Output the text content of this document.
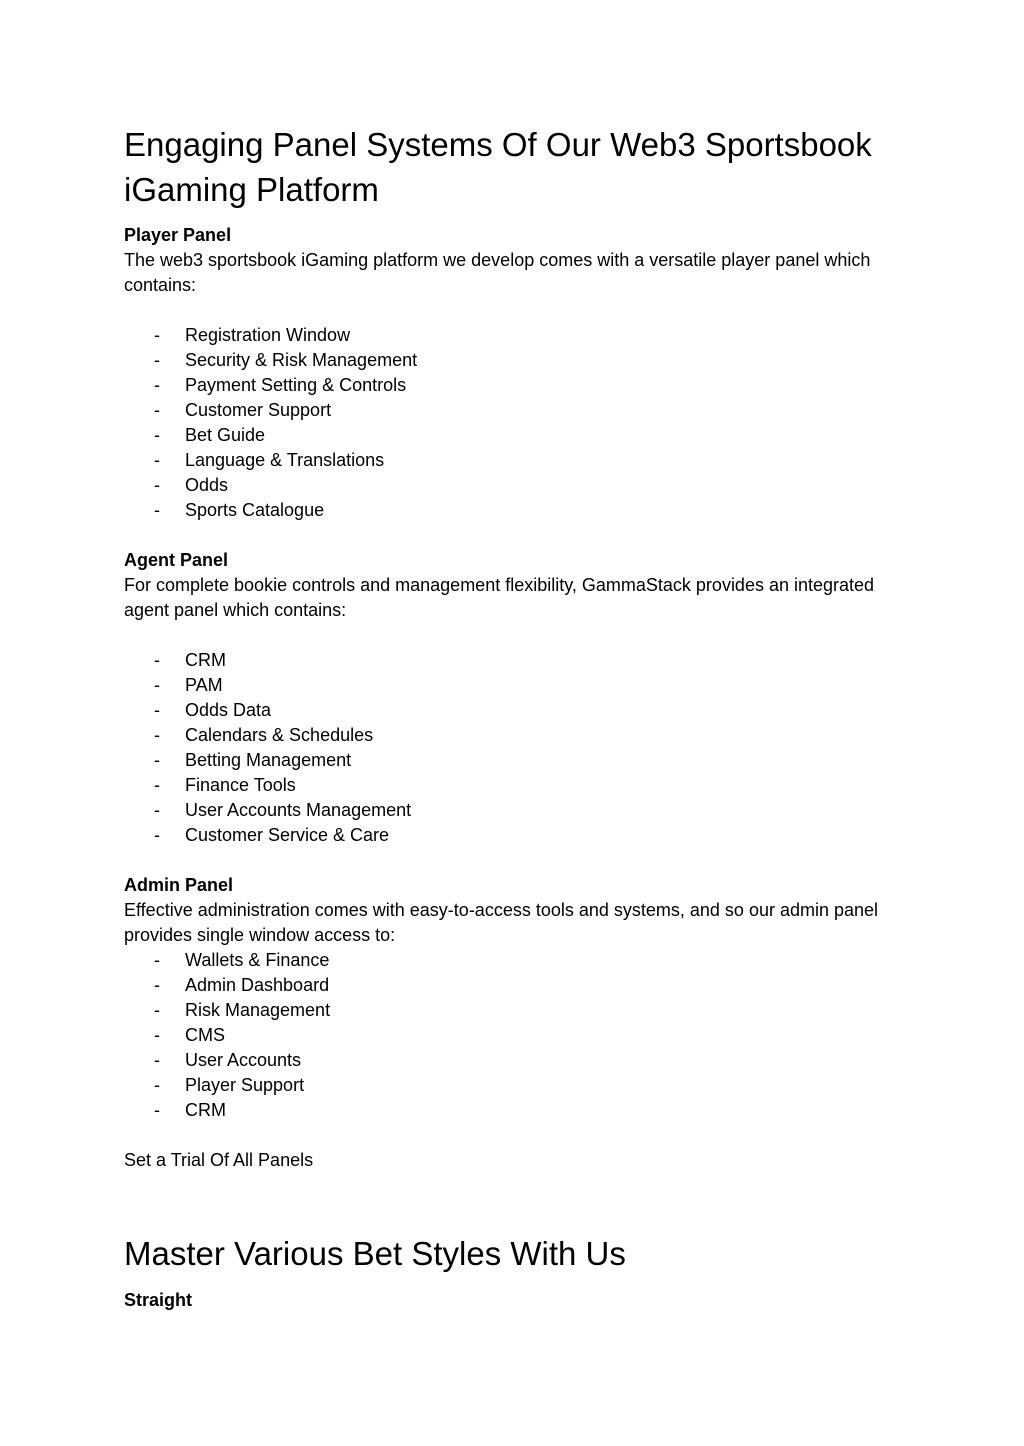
Engaging Panel Systems Of Our Web3 Sportsbook iGaming Platform

Player Panel

The web3 sportsbook iGaming platform we develop comes with a versatile player panel which contains:

- Registration Window
- Security & Risk Management
- Payment Setting & Controls
- Customer Support
- Bet Guide
- Language & Translations
- Odds
- Sports Catalogue

Agent Panel

For complete bookie controls and management flexibility, GammaStack provides an integrated agent panel which contains:

- CRM
- PAM
- Odds Data
- Calendars & Schedules
- Betting Management
- Finance Tools
- User Accounts Management
- Customer Service & Care

Admin Panel

Effective administration comes with easy-to-access tools and systems, and so our admin panel provides single window access to:

- Wallets & Finance
- Admin Dashboard
- Risk Management
- CMS
- User Accounts
- Player Support
- CRM

Set a Trial Of All Panels

Master Various Bet Styles With Us

Straight
